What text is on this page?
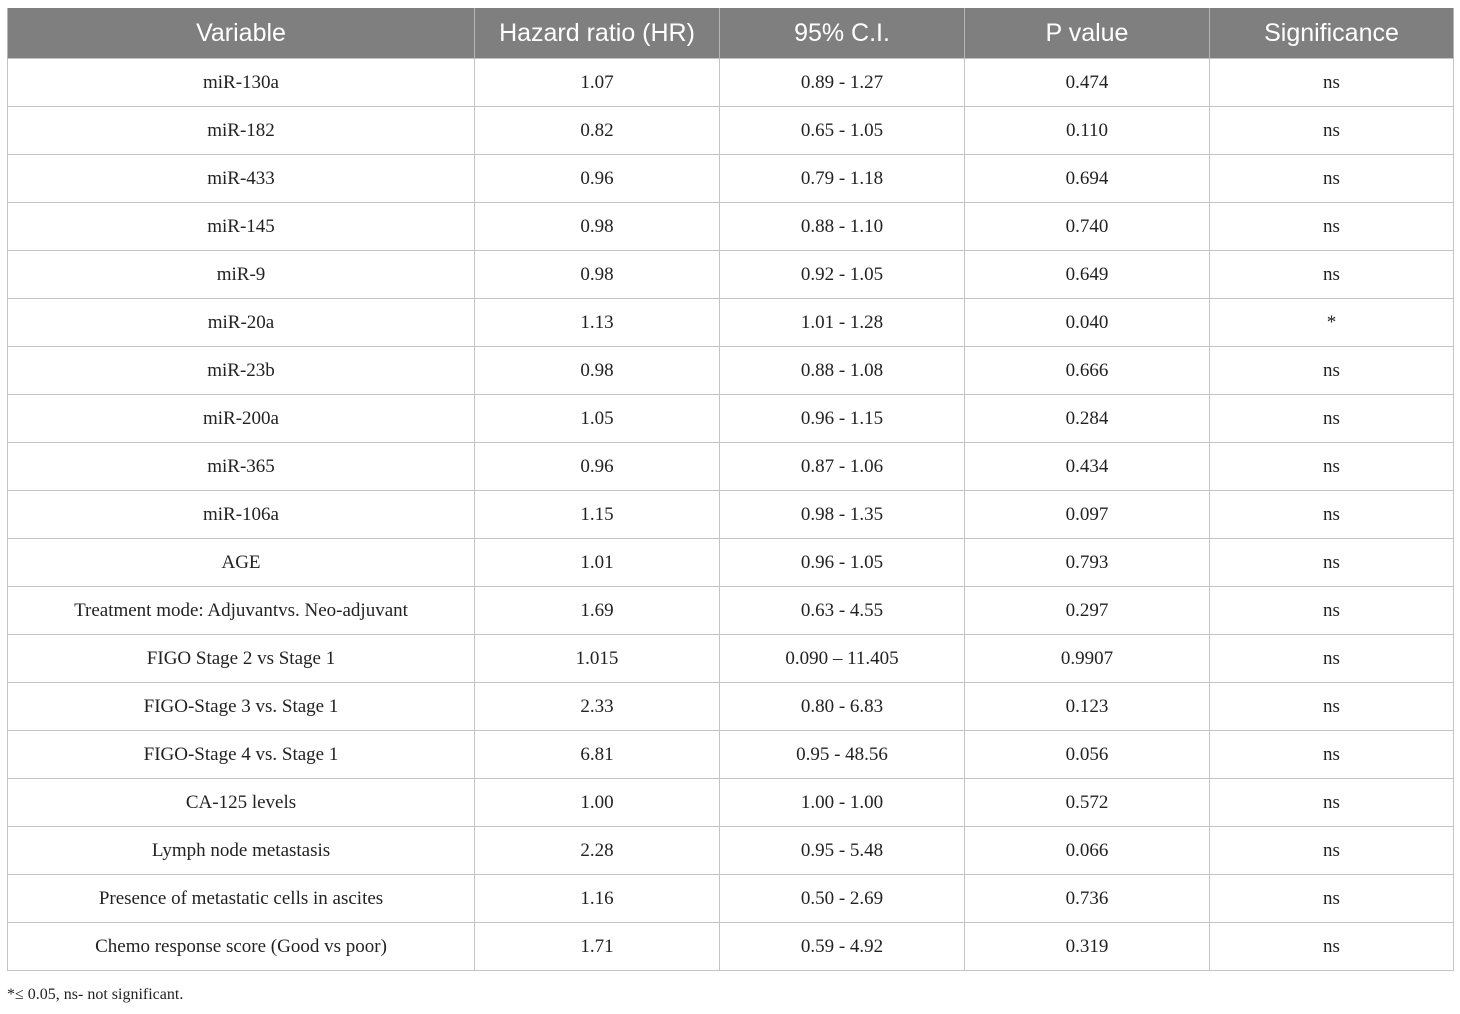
Variable	Hazard ratio (HR)	95% C.I.	P value	Significance
miR-130a	1.07	0.89 - 1.27	0.474	ns
miR-182	0.82	0.65 - 1.05	0.110	ns
miR-433	0.96	0.79 - 1.18	0.694	ns
miR-145	0.98	0.88 - 1.10	0.740	ns
miR-9	0.98	0.92 - 1.05	0.649	ns
miR-20a	1.13	1.01 - 1.28	0.040	*
miR-23b	0.98	0.88 - 1.08	0.666	ns
miR-200a	1.05	0.96 - 1.15	0.284	ns
miR-365	0.96	0.87 - 1.06	0.434	ns
miR-106a	1.15	0.98 - 1.35	0.097	ns
AGE	1.01	0.96 - 1.05	0.793	ns
Treatment mode: Adjuvantvs. Neo-adjuvant	1.69	0.63 - 4.55	0.297	ns
FIGO Stage 2 vs Stage 1	1.015	0.090 – 11.405	0.9907	ns
FIGO-Stage 3 vs. Stage 1	2.33	0.80 - 6.83	0.123	ns
FIGO-Stage 4 vs. Stage 1	6.81	0.95 - 48.56	0.056	ns
CA-125 levels	1.00	1.00 - 1.00	0.572	ns
Lymph node metastasis	2.28	0.95 - 5.48	0.066	ns
Presence of metastatic cells in ascites	1.16	0.50 - 2.69	0.736	ns
Chemo response score (Good vs poor)	1.71	0.59 - 4.92	0.319	ns
*≤ 0.05, ns- not significant.
